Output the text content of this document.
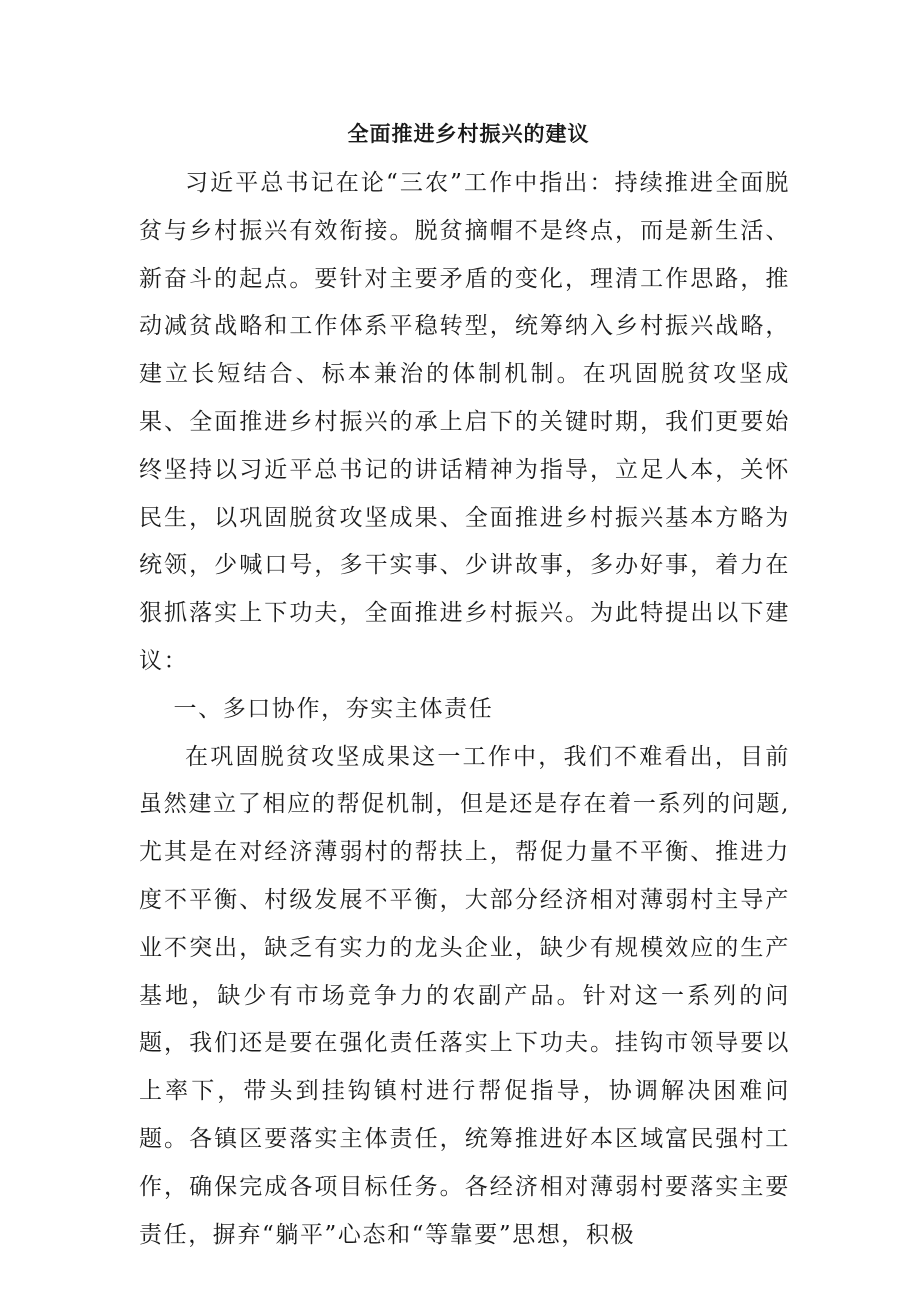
全面推进乡村振兴的建议

习近平总书记在论“三农”工作中指出：持续推进全面脱贫与乡村振兴有效衔接。脱贫摘帽不是终点，而是新生活、新奋斗的起点。要针对主要矛盾的变化，理清工作思路，推动减贫战略和工作体系平稳转型，统筹纳入乡村振兴战略，建立长短结合、标本兼治的体制机制。在巩固脱贫攻坚成果、全面推进乡村振兴的承上启下的关键时期，我们更要始终坚持以习近平总书记的讲话精神为指导，立足人本，关怀民生，以巩固脱贫攻坚成果、全面推进乡村振兴基本方略为统领，少喊口号，多干实事、少讲故事，多办好事，着力在狠抓落实上下功夫，全面推进乡村振兴。为此特提出以下建议：

一、多口协作，夯实主体责任

在巩固脱贫攻坚成果这一工作中，我们不难看出，目前虽然建立了相应的帮促机制，但是还是存在着一系列的问题,尤其是在对经济薄弱村的帮扶上，帮促力量不平衡、推进力度不平衡、村级发展不平衡，大部分经济相对薄弱村主导产业不突出，缺乏有实力的龙头企业，缺少有规模效应的生产基地，缺少有市场竞争力的农副产品。针对这一系列的问题，我们还是要在强化责任落实上下功夫。挂钩市领导要以上率下，带头到挂钩镇村进行帮促指导，协调解决困难问题。各镇区要落实主体责任，统筹推进好本区域富民强村工作，确保完成各项目标任务。各经济相对薄弱村要落实主要责任，摒弃“躺平”心态和“等靠要”思想，积极
